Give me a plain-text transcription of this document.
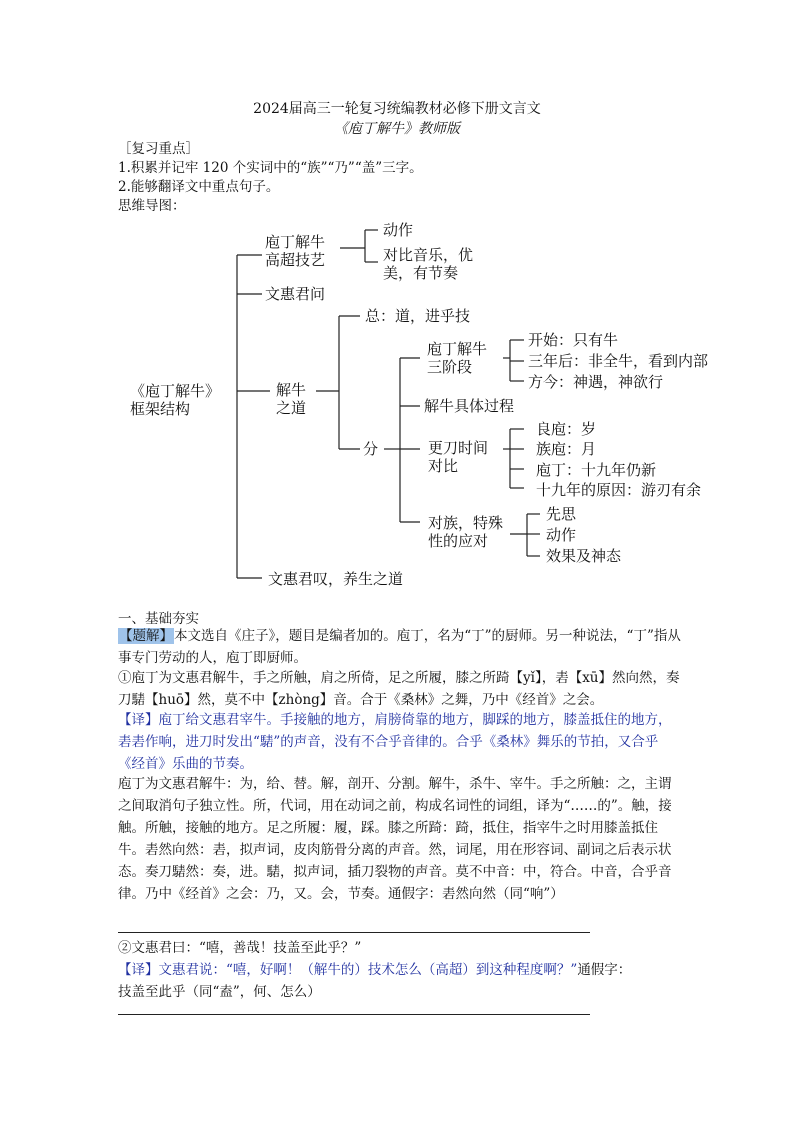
2024届高三一轮复习统编教材必修下册文言文
《庖丁解牛》教师版
［复习重点］
1.积累并记牢 120 个实词中的“族”“乃”“盖”三字。
2.能够翻译文中重点句子。
思维导图：
《庖丁解牛》
框架结构
庖丁解牛
高超技艺
动作
对比音乐，优
美，有节奏
文惠君问
解牛
之道
总：道，进乎技
分
庖丁解牛
三阶段
开始：只有牛
三年后：非全牛，看到内部
方今：神遇，神欲行
解牛具体过程
更刀时间
对比
良庖：岁
族庖：月
庖丁：十九年仍新
十九年的原因：游刃有余
对族，特殊
性的应对
先思
动作
效果及神态
文惠君叹，养生之道
一、基础夯实
【题解】本文选自《庄子》，题目是编者加的。庖丁，名为“丁”的厨师。另一种说法，“丁”指从事专门劳动的人，庖丁即厨师。
①庖丁为文惠君解牛，手之所触，肩之所倚，足之所履，膝之所踦【yǐ】，砉【xū】然向然，奏刀騞【huō】然，莫不中【zhòng】音。合于《桑林》之舞，乃中《经首》之会。
【译】庖丁给文惠君宰牛。手接触的地方，肩膀倚靠的地方，脚踩的地方，膝盖抵住的地方，砉砉作响，进刀时发出“騞”的声音，没有不合乎音律的。合乎《桑林》舞乐的节拍，又合乎《经首》乐曲的节奏。
庖丁为文惠君解牛：为，给、替。解，剖开、分割。解牛，杀牛、宰牛。手之所触：之，主谓之间取消句子独立性。所，代词，用在动词之前，构成名词性的词组，译为“……的”。触，接触。所触，接触的地方。足之所履：履，踩。膝之所踦：踦，抵住，指宰牛之时用膝盖抵住牛。砉然向然：砉，拟声词，皮肉筋骨分离的声音。然，词尾，用在形容词、副词之后表示状态。奏刀騞然：奏，进。騞，拟声词，插刀裂物的声音。莫不中音：中，符合。中音，合乎音律。乃中《经首》之会：乃，又。会，节奏。通假字：砉然向然（同“响”）
②文惠君曰：“嘻，善哉！技盖至此乎？”
【译】文惠君说：“嘻，好啊！（解牛的）技术怎么（高超）到这种程度啊？”通假字：
技盖至此乎（同“盍”，何、怎么）
